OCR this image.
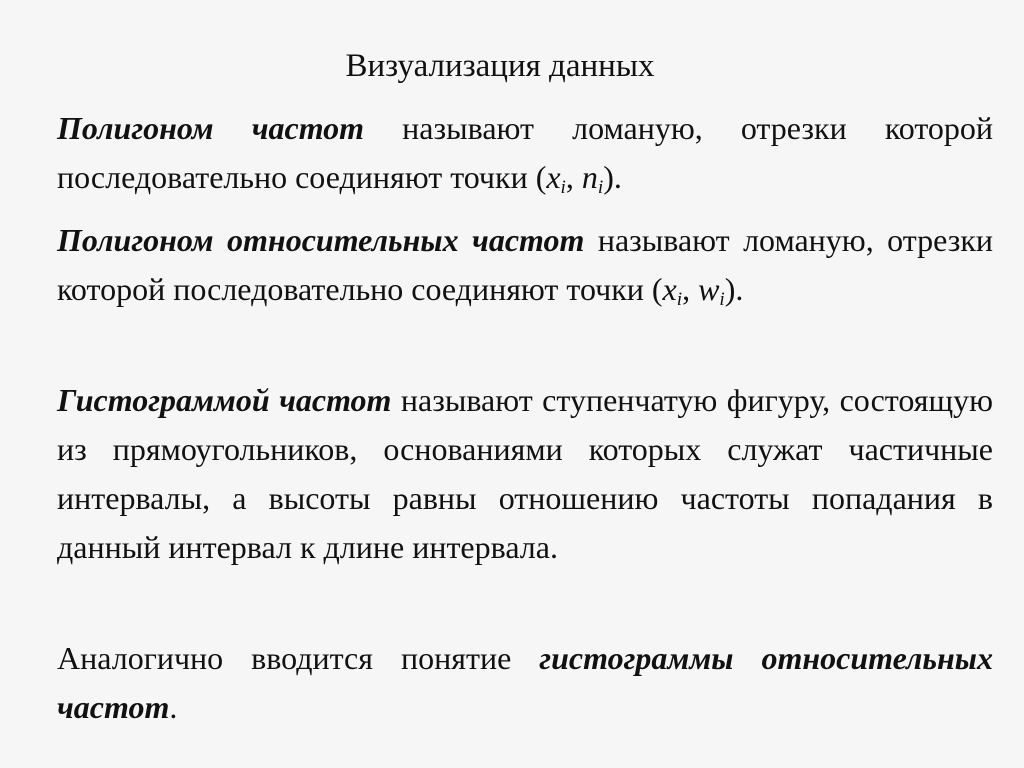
Визуализация данных

Полигоном частот называют ломаную, отрезки которой последовательно соединяют точки ($x_i$, $n_i$).

Полигоном относительных частот называют ломаную, отрезки которой последовательно соединяют точки ($x_i$, $w_i$).

Гистограммой частот называют ступенчатую фигуру, состоящую из прямоугольников, основаниями которых служат частичные интервалы, а высоты равны отношению частоты попадания в данный интервал к длине интервала.

Аналогично вводится понятие гистограммы относительных частот.
